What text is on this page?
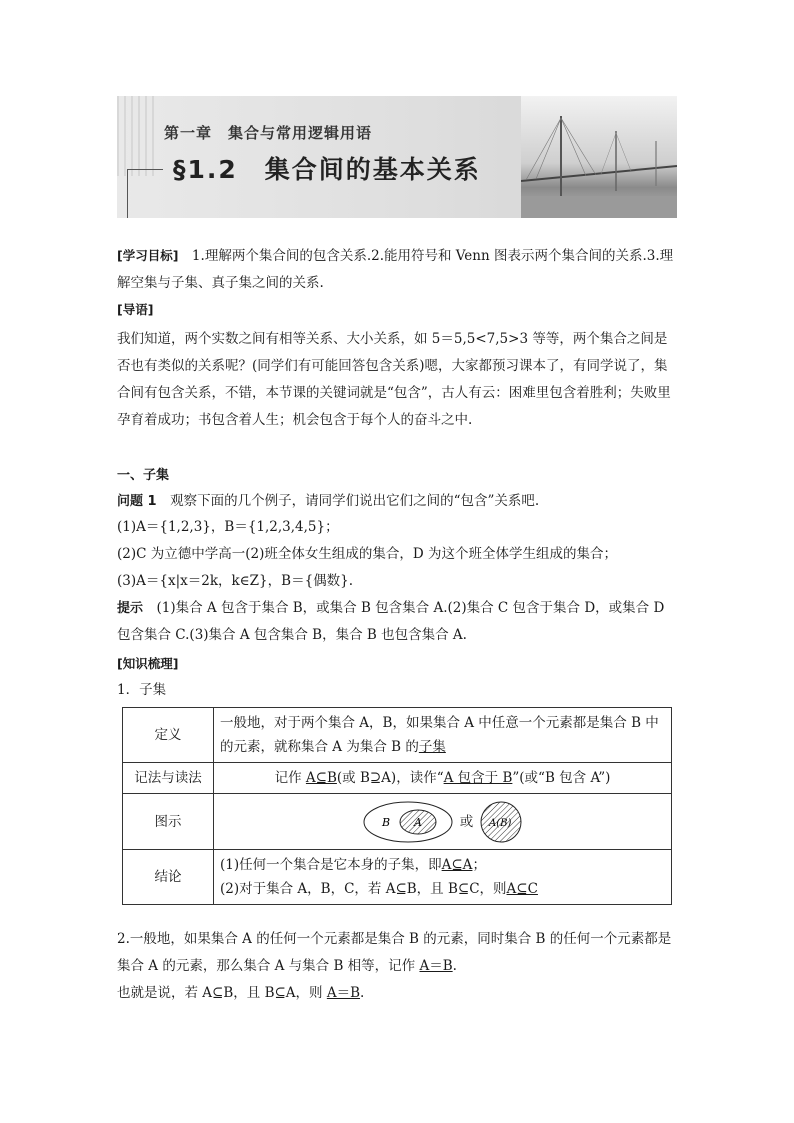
第一章　集合与常用逻辑用语
§1.2　集合间的基本关系

[学习目标]　1.理解两个集合间的包含关系.2.能用符号和 Venn 图表示两个集合间的关系.3.理解空集与子集、真子集之间的关系.

[导语]

我们知道，两个实数之间有相等关系、大小关系，如 5＝5,5<7,5>3 等等，两个集合之间是否也有类似的关系呢？(同学们有可能回答包含关系)嗯，大家都预习课本了，有同学说了，集合间有包含关系，不错，本节课的关键词就是“包含”，古人有云：困难里包含着胜利；失败里孕育着成功；书包含着人生；机会包含于每个人的奋斗之中.

一、子集
问题 1　观察下面的几个例子，请同学们说出它们之间的“包含”关系吧.
(1)A＝{1,2,3}，B＝{1,2,3,4,5}；
(2)C 为立德中学高一(2)班全体女生组成的集合，D 为这个班全体学生组成的集合；
(3)A＝{x|x＝2k，k∈Z}，B＝{偶数}.

提示　(1)集合 A 包含于集合 B，或集合 B 包含集合 A.(2)集合 C 包含于集合 D，或集合 D 包含集合 C.(3)集合 A 包含集合 B，集合 B 也包含集合 A.

[知识梳理]
1．子集
定义	一般地，对于两个集合 A，B，如果集合 A 中任意一个元素都是集合 B 中的元素，就称集合 A 为集合 B 的子集
记法与读法	记作 A⊆B(或 B⊇A)，读作“A 包含于 B”(或“B 包含 A”)
图示	B A 或 A(B)

结论	(1)任何一个集合是它本身的子集，即A⊆A；
(2)对于集合 A，B，C，若 A⊆B，且 B⊆C，则A⊆C

2.一般地，如果集合 A 的任何一个元素都是集合 B 的元素，同时集合 B 的任何一个元素都是集合 A 的元素，那么集合 A 与集合 B 相等，记作 A＝B.

也就是说，若 A⊆B，且 B⊆A，则 A＝B.
